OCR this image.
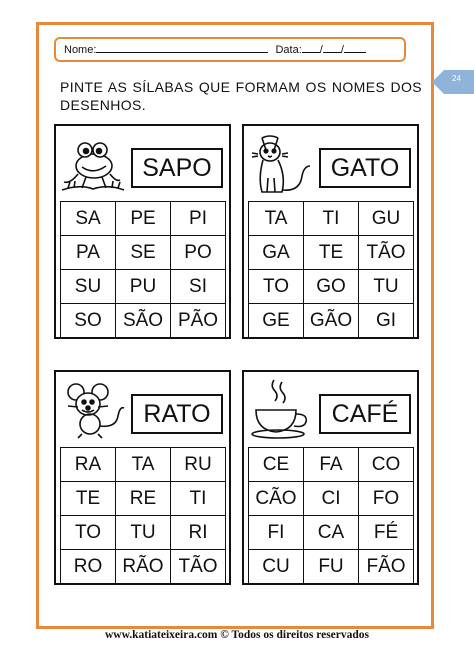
Nome:	Data: / /
24
PINTE AS SÍLABAS QUE FORMAM OS NOMES DOS
DESENHOS.
SAPO
SA	PE	PI
PA	SE	PO
SU	PU	SI
SO	SÃO	PÃO
GATO
TA	TI	GU
GA	TE	TÃO
TO	GO	TU
GE	GÃO	GI
RATO
RA	TA	RU
TE	RE	TI
TO	TU	RI
RO	RÃO	TÃO
CAFÉ
CE	FA	CO
CÃO	CI	FO
FI	CA	FÉ
CU	FU	FÃO
www.katiateixeira.com © Todos os direitos reservados
